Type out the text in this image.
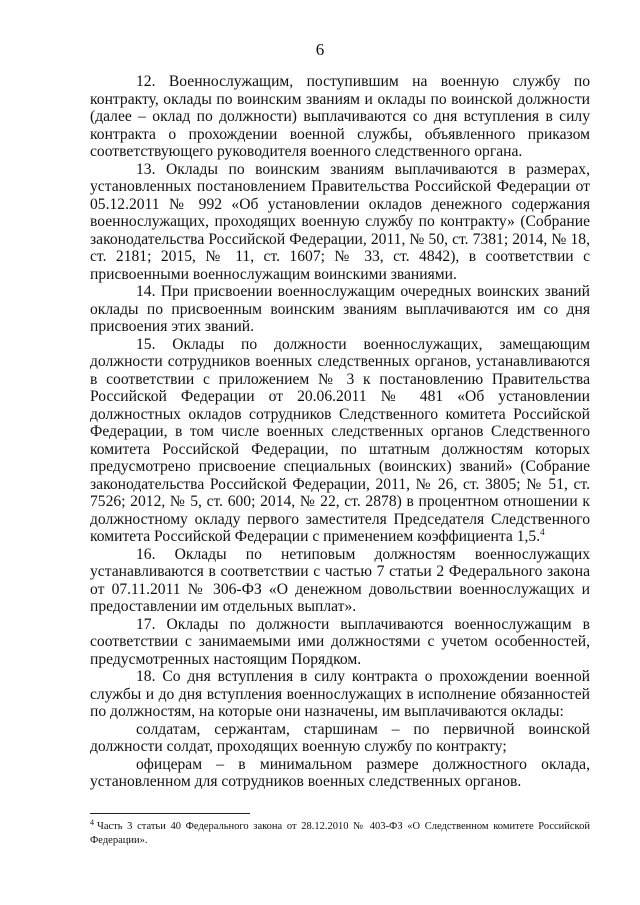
6

12. Военнослужащим, поступившим на военную службу по контракту, оклады по воинским званиям и оклады по воинской должности (далее – оклад по должности) выплачиваются со дня вступления в силу контракта о прохождении военной службы, объявленного приказом соответствующего руководителя военного следственного органа.

13. Оклады по воинским званиям выплачиваются в размерах, установленных постановлением Правительства Российской Федерации от 05.12.2011 № 992 «Об установлении окладов денежного содержания военнослужащих, проходящих военную службу по контракту» (Собрание законодательства Российской Федерации, 2011, № 50, ст. 7381; 2014, № 18, ст. 2181; 2015, № 11, ст. 1607; № 33, ст. 4842), в соответствии с присвоенными военнослужащим воинскими званиями.

14. При присвоении военнослужащим очередных воинских званий оклады по присвоенным воинским званиям выплачиваются им со дня присвоения этих званий.

15. Оклады по должности военнослужащих, замещающим должности сотрудников военных следственных органов, устанавливаются в соответствии с приложением № 3 к постановлению Правительства Российской Федерации от 20.06.2011 № 481 «Об установлении должностных окладов сотрудников Следственного комитета Российской Федерации, в том числе военных следственных органов Следственного комитета Российской Федерации, по штатным должностям которых предусмотрено присвоение специальных (воинских) званий» (Собрание законодательства Российской Федерации, 2011, № 26, ст. 3805; № 51, ст. 7526; 2012, № 5, ст. 600; 2014, № 22, ст. 2878) в процентном отношении к должностному окладу первого заместителя Председателя Следственного комитета Российской Федерации с применением коэффициента 1,5.$^4$

16. Оклады по нетиповым должностям военнослужащих устанавливаются в соответствии с частью 7 статьи 2 Федерального закона от 07.11.2011 № 306-ФЗ «О денежном довольствии военнослужащих и предоставлении им отдельных выплат».

17. Оклады по должности выплачиваются военнослужащим в соответствии с занимаемыми ими должностями с учетом особенностей, предусмотренных настоящим Порядком.

18. Со дня вступления в силу контракта о прохождении военной службы и до дня вступления военнослужащих в исполнение обязанностей по должностям, на которые они назначены, им выплачиваются оклады:

солдатам, сержантам, старшинам – по первичной воинской должности солдат, проходящих военную службу по контракту;

офицерам – в минимальном размере должностного оклада, установленном для сотрудников военных следственных органов.

$^4$ Часть 3 статьи 40 Федерального закона от 28.12.2010 № 403-ФЗ «О Следственном комитете Российской Федерации».
